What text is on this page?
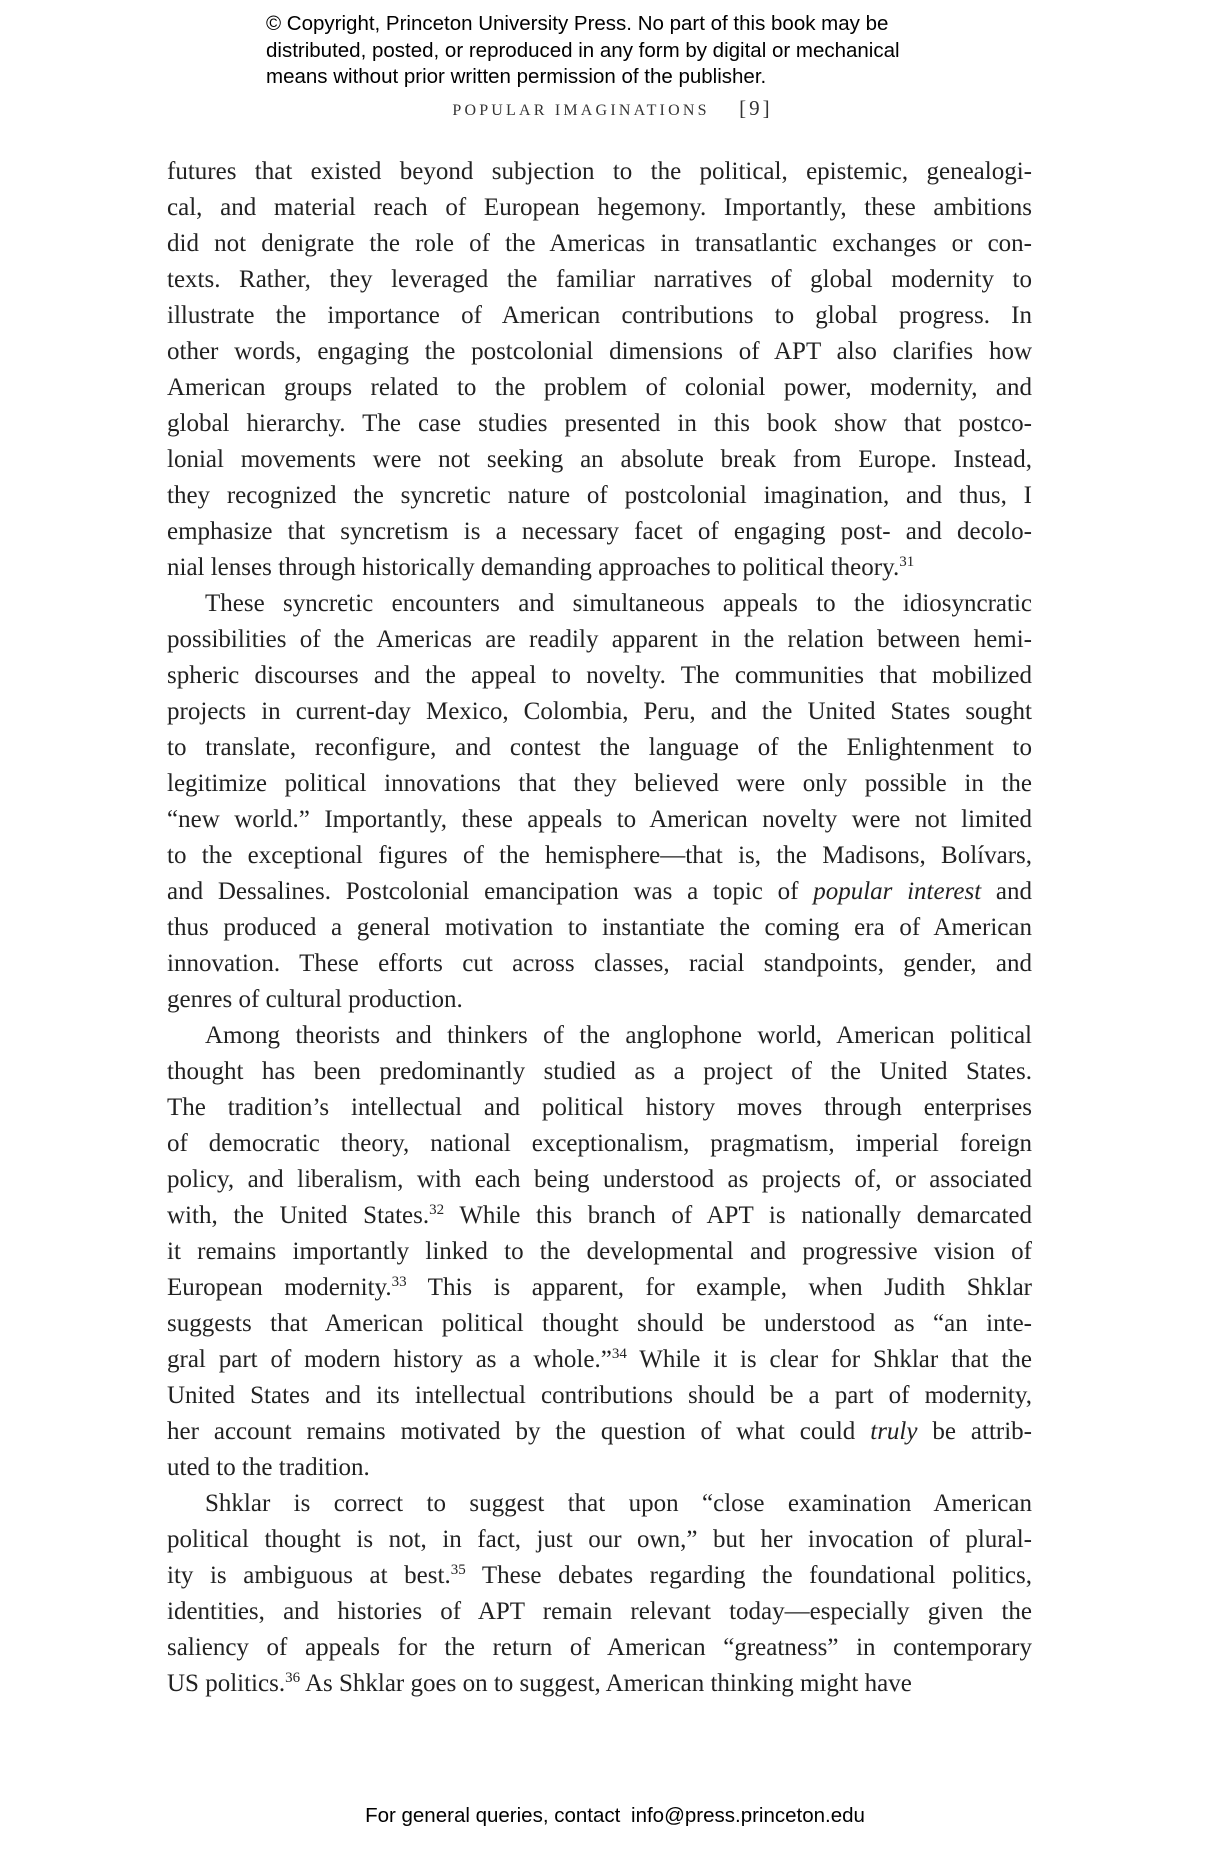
© Copyright, Princeton University Press. No part of this book may be
distributed, posted, or reproduced in any form by digital or mechanical
means without prior written permission of the publisher.
POPULAR IMAGINATIONS [9]
futures that existed beyond subjection to the political, epistemic, genealogi-
cal, and material reach of European hegemony. Importantly, these ambitions
did not denigrate the role of the Americas in transatlantic exchanges or con-
texts. Rather, they leveraged the familiar narratives of global modernity to
illustrate the importance of American contributions to global progress. In
other words, engaging the postcolonial dimensions of APT also clarifies how
American groups related to the problem of colonial power, modernity, and
global hierarchy. The case studies presented in this book show that postco-
lonial movements were not seeking an absolute break from Europe. Instead,
they recognized the syncretic nature of postcolonial imagination, and thus, I
emphasize that syncretism is a necessary facet of engaging post- and decolo-
nial lenses through historically demanding approaches to political theory.$^{31}$
These syncretic encounters and simultaneous appeals to the idiosyncratic
possibilities of the Americas are readily apparent in the relation between hemi-
spheric discourses and the appeal to novelty. The communities that mobilized
projects in current-day Mexico, Colombia, Peru, and the United States sought
to translate, reconfigure, and contest the language of the Enlightenment to
legitimize political innovations that they believed were only possible in the
“new world.” Importantly, these appeals to American novelty were not limited
to the exceptional figures of the hemisphere—that is, the Madisons, Bolívars,
and Dessalines. Postcolonial emancipation was a topic of popular interest and
thus produced a general motivation to instantiate the coming era of American
innovation. These efforts cut across classes, racial standpoints, gender, and
genres of cultural production.
Among theorists and thinkers of the anglophone world, American political
thought has been predominantly studied as a project of the United States.
The tradition’s intellectual and political history moves through enterprises
of democratic theory, national exceptionalism, pragmatism, imperial foreign
policy, and liberalism, with each being understood as projects of, or associated
with, the United States.$^{32}$ While this branch of APT is nationally demarcated
it remains importantly linked to the developmental and progressive vision of
European modernity.$^{33}$ This is apparent, for example, when Judith Shklar
suggests that American political thought should be understood as “an inte-
gral part of modern history as a whole.”$^{34}$ While it is clear for Shklar that the
United States and its intellectual contributions should be a part of modernity,
her account remains motivated by the question of what could truly be attrib-
uted to the tradition.
Shklar is correct to suggest that upon “close examination American
political thought is not, in fact, just our own,” but her invocation of plural-
ity is ambiguous at best.$^{35}$ These debates regarding the foundational politics,
identities, and histories of APT remain relevant today—especially given the
saliency of appeals for the return of American “greatness” in contemporary
US politics.$^{36}$ As Shklar goes on to suggest, American thinking might have
For general queries, contact info@press.princeton.edu
